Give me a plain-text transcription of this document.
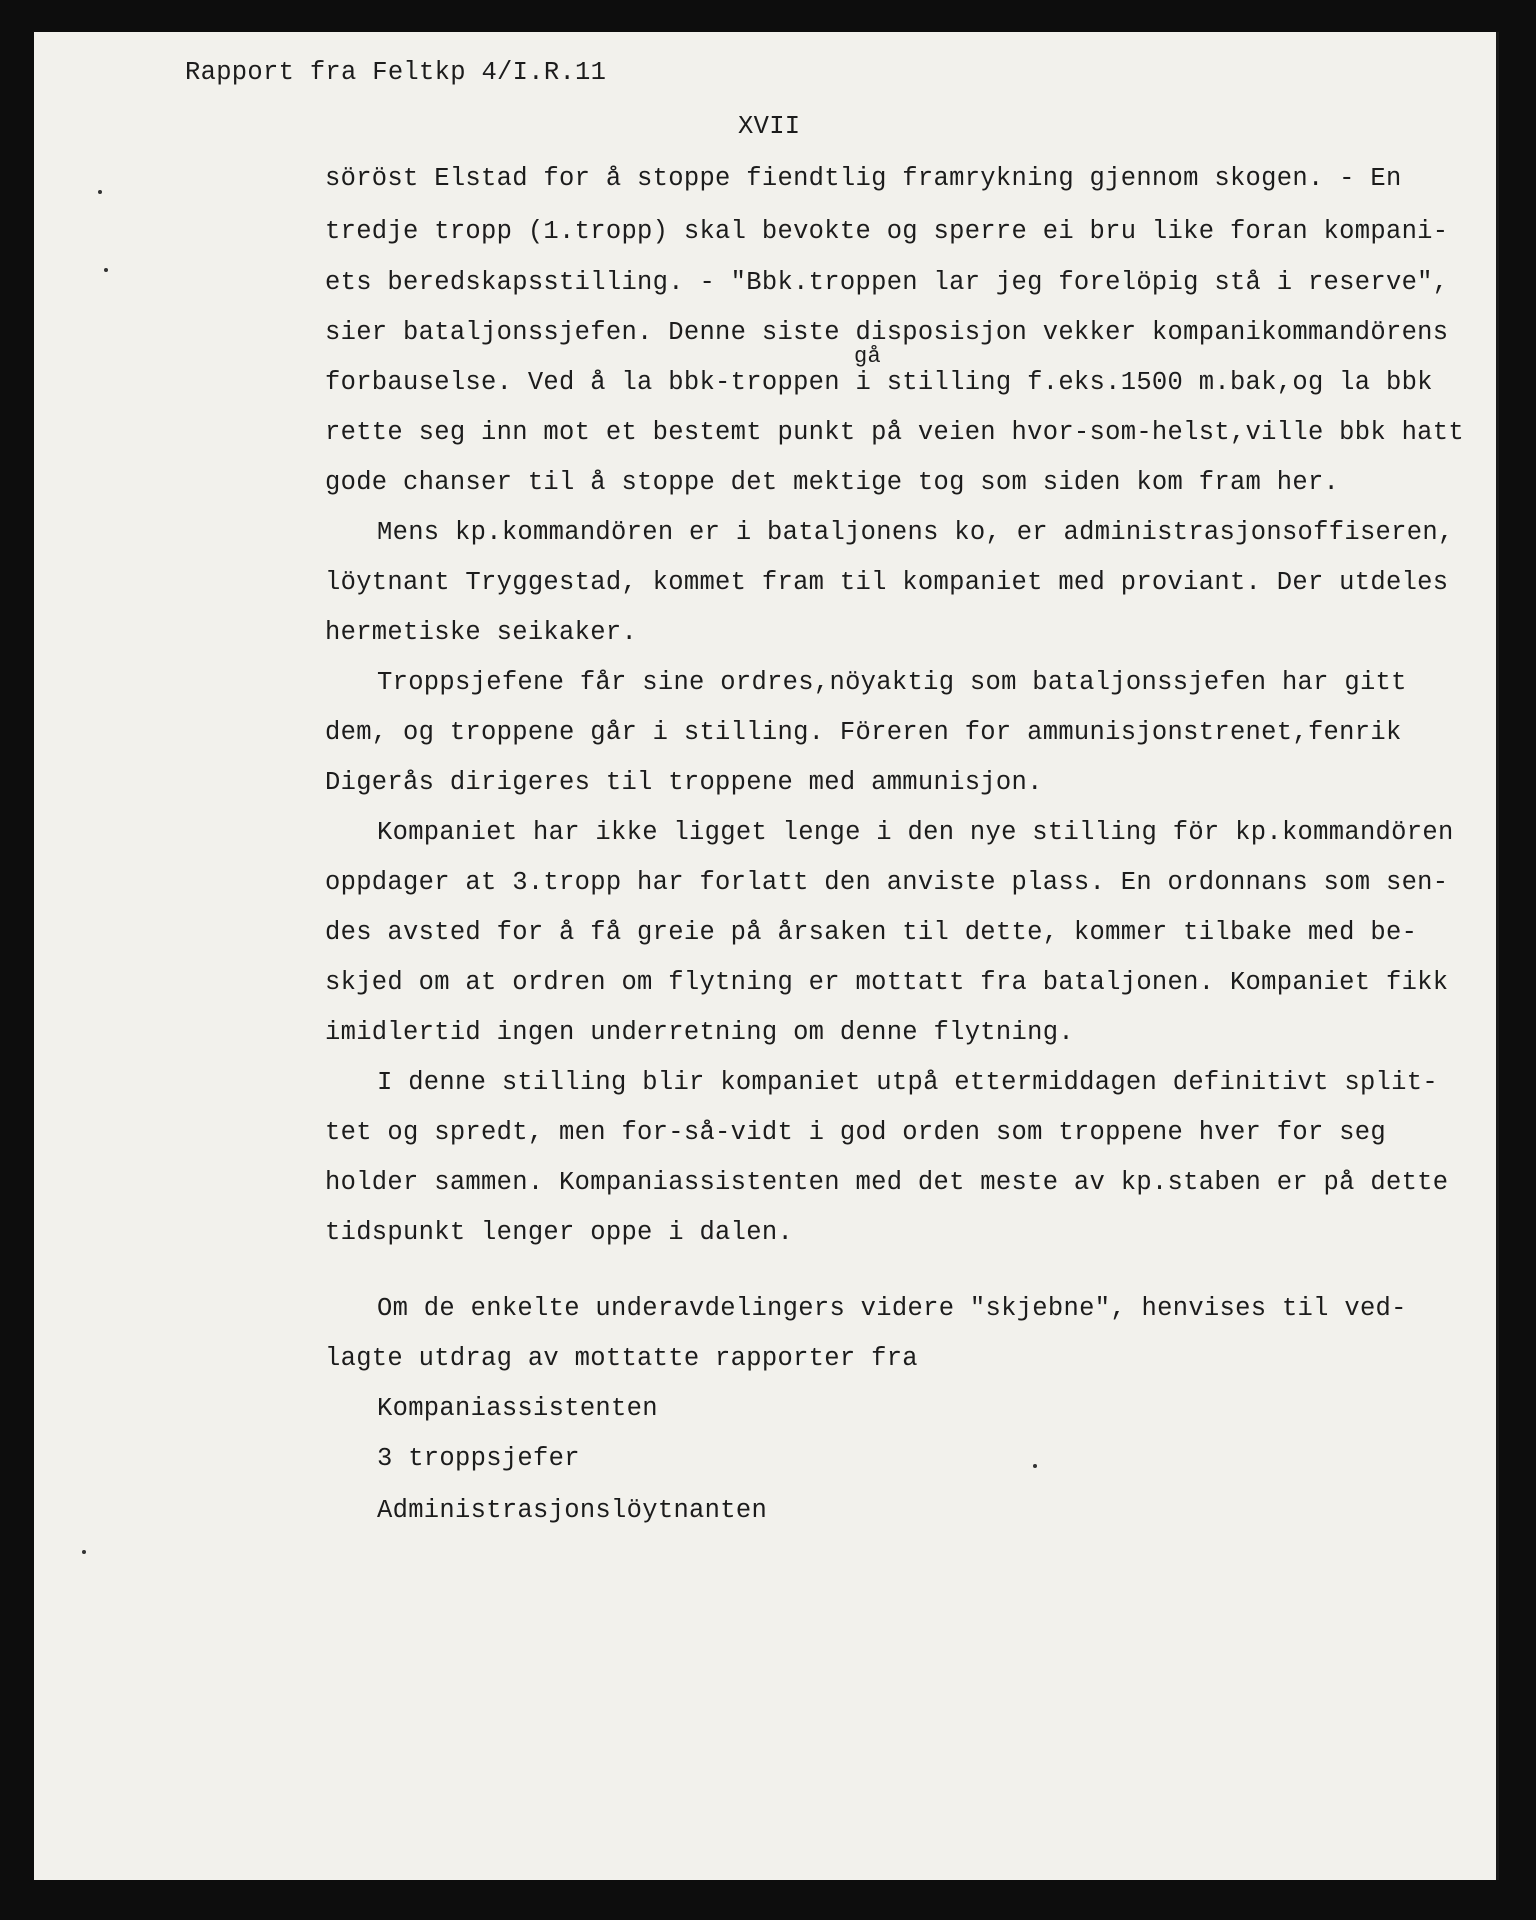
Rapport fra Feltkp 4/I.R.11
XVII
söröst Elstad for å stoppe fiendtlig framrykning gjennom skogen. - En
tredje tropp (1.tropp) skal bevokte og sperre ei bru like foran kompani-
ets beredskapsstilling. - "Bbk.troppen lar jeg forelöpig stå i reserve",
sier bataljonssjefen. Denne siste disposisjon vekker kompanikommandörens
gå
forbauselse. Ved å la bbk-troppen i stilling f.eks.1500 m.bak,og la bbk
rette seg inn mot et bestemt punkt på veien hvor-som-helst,ville bbk hatt
gode chanser til å stoppe det mektige tog som siden kom fram her.
Mens kp.kommandören er i bataljonens ko, er administrasjonsoffiseren,
löytnant Tryggestad, kommet fram til kompaniet med proviant. Der utdeles
hermetiske seikaker.
Troppsjefene får sine ordres,nöyaktig som bataljonssjefen har gitt
dem, og troppene går i stilling. Föreren for ammunisjonstrenet,fenrik
Digerås dirigeres til troppene med ammunisjon.
Kompaniet har ikke ligget lenge i den nye stilling för kp.kommandören
oppdager at 3.tropp har forlatt den anviste plass. En ordonnans som sen-
des avsted for å få greie på årsaken til dette, kommer tilbake med be-
skjed om at ordren om flytning er mottatt fra bataljonen. Kompaniet fikk
imidlertid ingen underretning om denne flytning.
I denne stilling blir kompaniet utpå ettermiddagen definitivt split-
tet og spredt, men for-så-vidt i god orden som troppene hver for seg
holder sammen. Kompaniassistenten med det meste av kp.staben er på dette
tidspunkt lenger oppe i dalen.
Om de enkelte underavdelingers videre "skjebne", henvises til ved-
lagte utdrag av mottatte rapporter fra
Kompaniassistenten
3 troppsjefer
Administrasjonslöytnanten
